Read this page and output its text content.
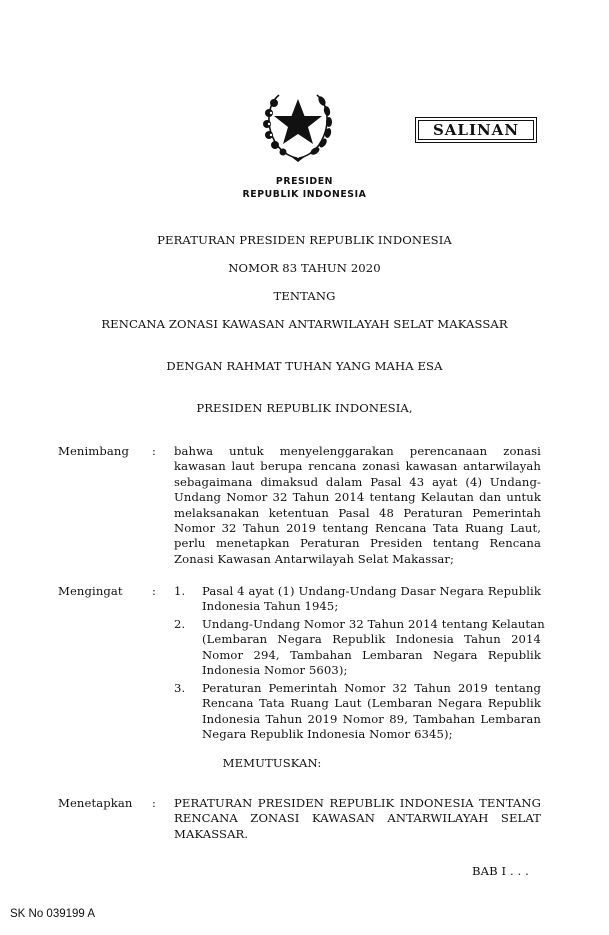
SALINAN
PRESIDEN
REPUBLIK INDONESIA
PERATURAN PRESIDEN REPUBLIK INDONESIA
NOMOR 83 TAHUN 2020
TENTANG
RENCANA ZONASI KAWASAN ANTARWILAYAH SELAT MAKASSAR
DENGAN RAHMAT TUHAN YANG MAHA ESA
PRESIDEN REPUBLIK INDONESIA,
Menimbang : bahwa untuk menyelenggarakan perencanaan zonasi
kawasan laut berupa rencana zonasi kawasan antarwilayah
sebagaimana dimaksud dalam Pasal 43 ayat (4) Undang-
Undang Nomor 32 Tahun 2014 tentang Kelautan dan untuk
melaksanakan ketentuan Pasal 48 Peraturan Pemerintah
Nomor 32 Tahun 2019 tentang Rencana Tata Ruang Laut,
perlu menetapkan Peraturan Presiden tentang Rencana
Zonasi Kawasan Antarwilayah Selat Makassar;
Mengingat	: 1. Pasal 4 ayat (1) Undang-Undang Dasar Negara Republik
Indonesia Tahun 1945;
2. Undang-Undang Nomor 32 Tahun 2014 tentang Kelautan
(Lembaran Negara Republik Indonesia Tahun 2014
Nomor 294, Tambahan Lembaran Negara Republik
Indonesia Nomor 5603);
3. Peraturan Pemerintah Nomor 32 Tahun 2019 tentang
Rencana Tata Ruang Laut (Lembaran Negara Republik
Indonesia Tahun 2019 Nomor 89, Tambahan Lembaran
Negara Republik Indonesia Nomor 6345);
MEMUTUSKAN:
Menetapkan : PERATURAN PRESIDEN REPUBLIK INDONESIA TENTANG
RENCANA ZONASI KAWASAN ANTARWILAYAH SELAT
MAKASSAR.
BAB I . . .
SK No 039199 A
